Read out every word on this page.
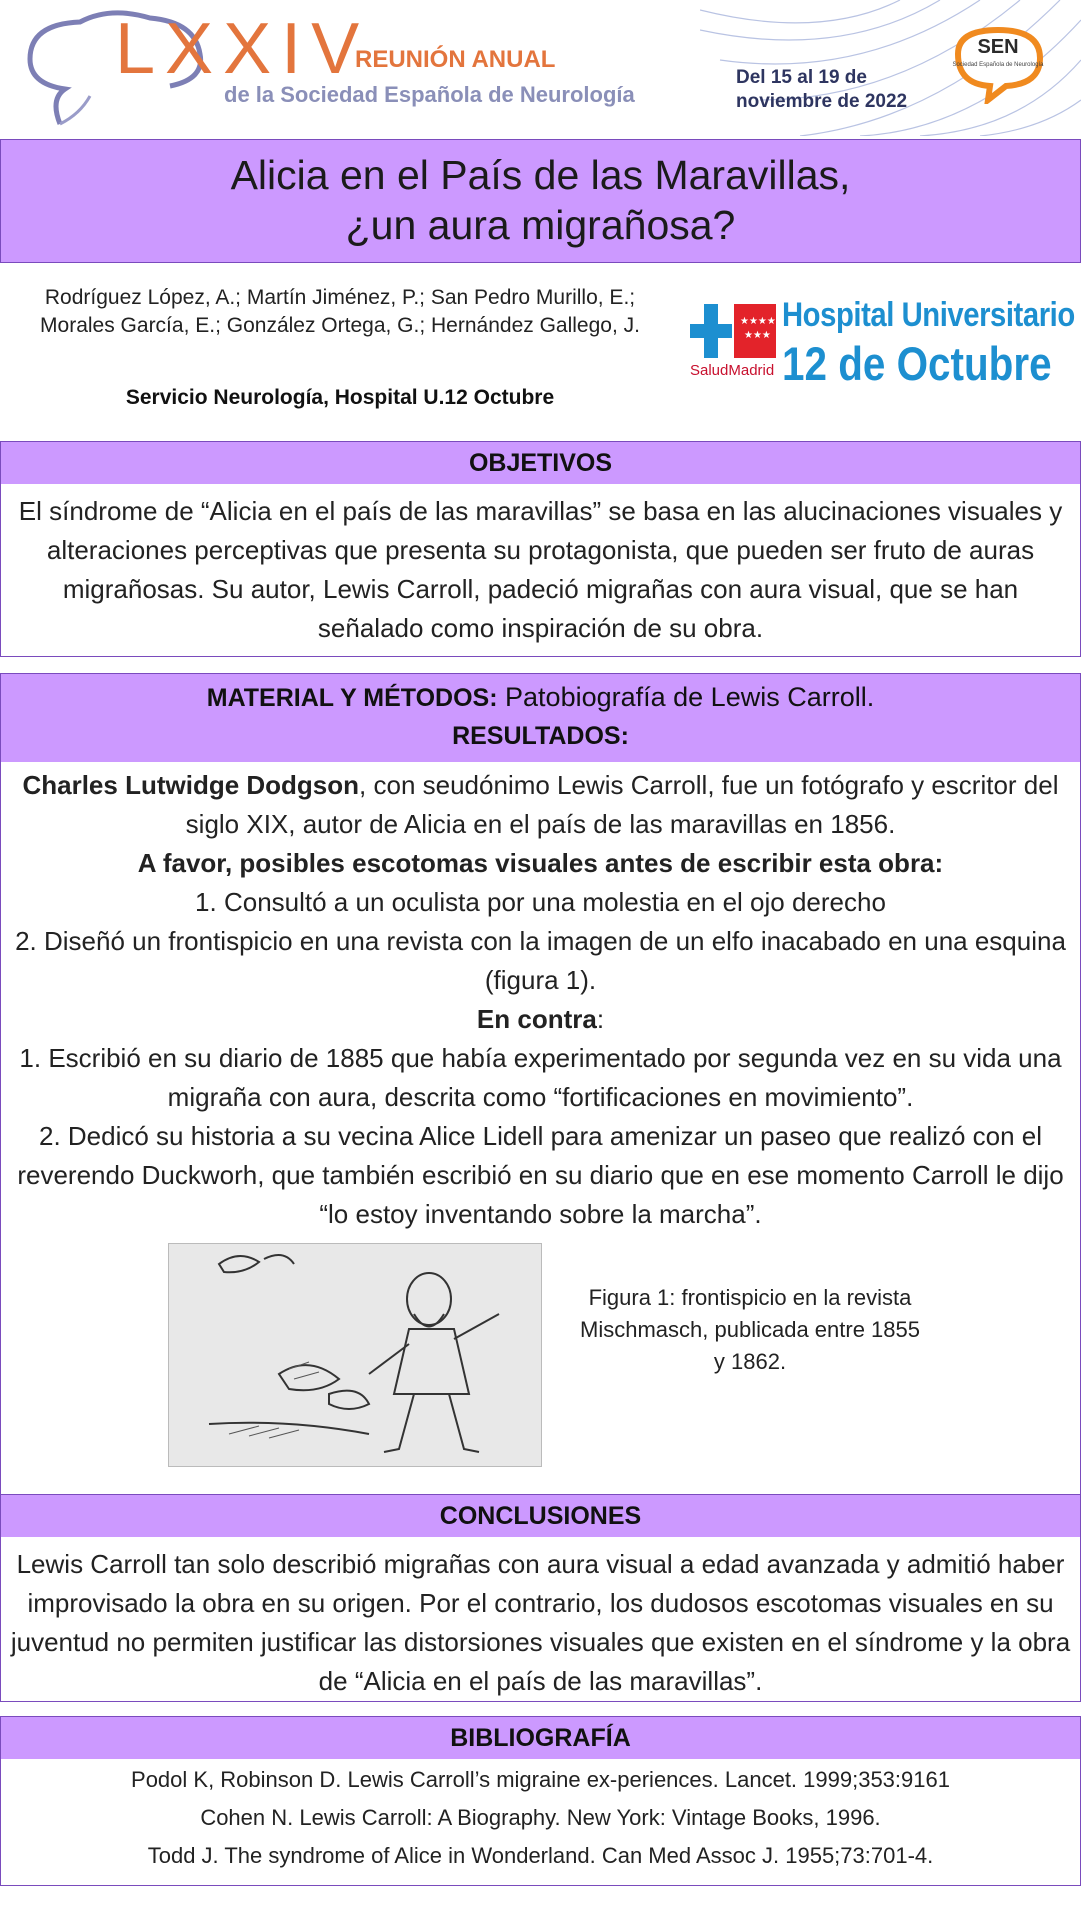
LXXIV
REUNIÓN ANUAL
de la Sociedad Española de Neurología
Del 15 al 19 de
noviembre de 2022
SEN
Sociedad Española de Neurología
Alicia en el País de las Maravillas,
¿un aura migrañosa?
Rodríguez López, A.; Martín Jiménez, P.; San Pedro Murillo, E.; Morales García, E.; González Ortega, G.; Hernández Gallego, J.
Servicio Neurología, Hospital U.12 Octubre
★★★★
★★★
SaludMadrid
Hospital Universitario
12 de Octubre
OBJETIVOS
El síndrome de “Alicia en el país de las maravillas” se basa en las alucinaciones visuales y alteraciones perceptivas que presenta su protagonista, que pueden ser fruto de auras migrañosas. Su autor, Lewis Carroll, padeció migrañas con aura visual, que se han señalado como inspiración de su obra.
MATERIAL Y MÉTODOS: Patobiografía de Lewis Carroll.
RESULTADOS:
Charles Lutwidge Dodgson, con seudónimo Lewis Carroll, fue un fotógrafo y escritor del siglo XIX, autor de Alicia en el país de las maravillas en 1856.
A favor, posibles escotomas visuales antes de escribir esta obra:
1. Consultó a un oculista por una molestia en el ojo derecho
2. Diseñó un frontispicio en una revista con la imagen de un elfo inacabado en una esquina (figura 1).
En contra:
1. Escribió en su diario de 1885 que había experimentado por segunda vez en su vida una migraña con aura, descrita como “fortificaciones en movimiento”.
2. Dedicó su historia a su vecina Alice Lidell para amenizar un paseo que realizó con el reverendo Duckworh, que también escribió en su diario que en ese momento Carroll le dijo “lo estoy inventando sobre la marcha”.
Figura 1: frontispicio en la revista Mischmasch, publicada entre 1855 y 1862.
CONCLUSIONES
Lewis Carroll tan solo describió migrañas con aura visual a edad avanzada y admitió haber improvisado la obra en su origen. Por el contrario, los dudosos escotomas visuales en su juventud no permiten justificar las distorsiones visuales que existen en el síndrome y la obra de “Alicia en el país de las maravillas”.
BIBLIOGRAFÍA
Podol K, Robinson D. Lewis Carroll’s migraine ex-periences. Lancet. 1999;353:9161
Cohen N. Lewis Carroll: A Biography. New York: Vintage Books, 1996.
Todd J. The syndrome of Alice in Wonderland. Can Med Assoc J. 1955;73:701-4.
